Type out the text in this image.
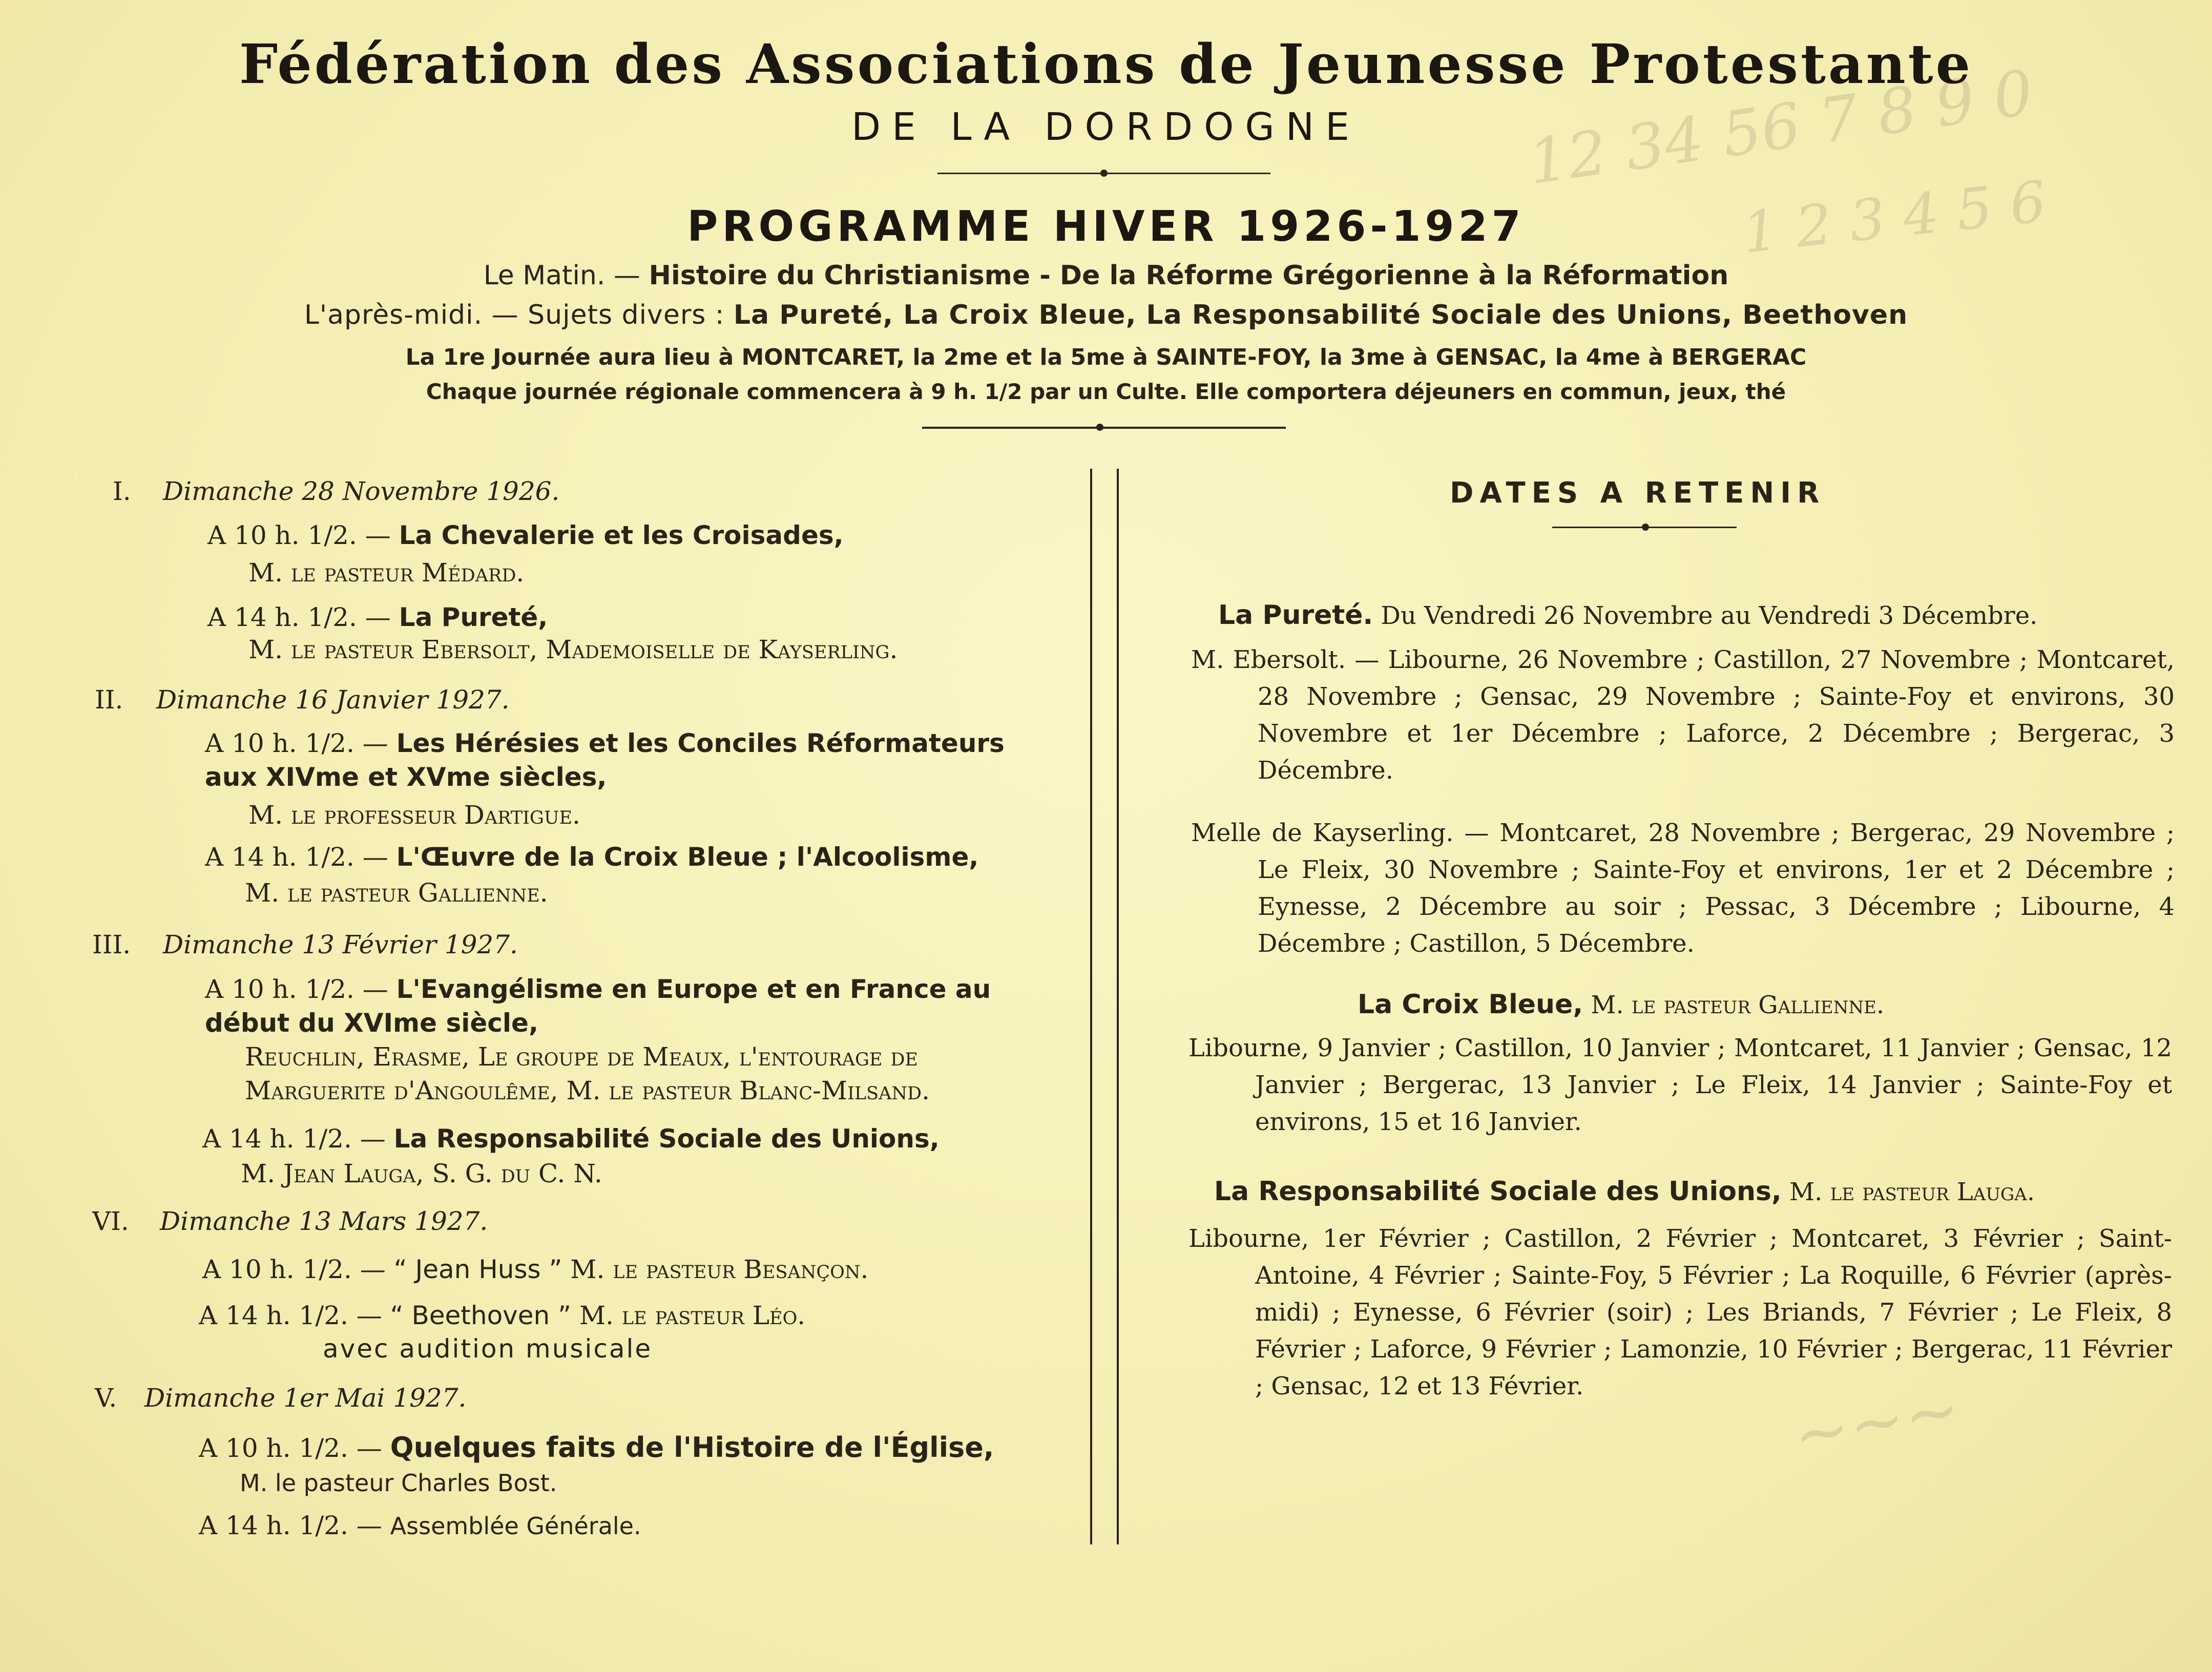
12 34 56 7 8 9 0
1 2 3 4 5 6
∼∼∼
Fédération des Associations de Jeunesse Protestante
DE LA DORDOGNE
PROGRAMME HIVER 1926-1927
Le Matin. — Histoire du Christianisme - De la Réforme Grégorienne à la Réformation
L'après-midi. — Sujets divers : La Pureté, La Croix Bleue, La Responsabilité Sociale des Unions, Beethoven
La 1re Journée aura lieu à MONTCARET, la 2me et la 5me à SAINTE-FOY, la 3me à GENSAC, la 4me à BERGERAC
Chaque journée régionale commencera à 9 h. 1/2 par un Culte. Elle comportera déjeuners en commun, jeux, thé
I. Dimanche 28 Novembre 1926.
A 10 h. 1/2. — La Chevalerie et les Croisades,
M. le pasteur Médard.
A 14 h. 1/2. — La Pureté,
M. le pasteur Ebersolt, Mademoiselle de Kayserling.
II. Dimanche 16 Janvier 1927.
A 10 h. 1/2. — Les Hérésies et les Conciles Réformateurs aux XIVme et XVme siècles,
M. le professeur Dartigue.
A 14 h. 1/2. — L'Œuvre de la Croix Bleue ; l'Alcoolisme,
M. le pasteur Gallienne.
III. Dimanche 13 Février 1927.
A 10 h. 1/2. — L'Evangélisme en Europe et en France au début du XVIme siècle,
Reuchlin, Erasme, Le groupe de Meaux, l'entourage de Marguerite d'Angoulême, M. le pasteur Blanc-Milsand.
A 14 h. 1/2. — La Responsabilité Sociale des Unions,
M. Jean Lauga, S. G. du C. N.
VI. Dimanche 13 Mars 1927.
A 10 h. 1/2. — “ Jean Huss ” M. le pasteur Besançon.
A 14 h. 1/2. — “ Beethoven ” M. le pasteur Léo.
avec audition musicale
V. Dimanche 1er Mai 1927.
A 10 h. 1/2. — Quelques faits de l'Histoire de l'Église,
M. le pasteur Charles Bost.
A 14 h. 1/2. — Assemblée Générale.
DATES A RETENIR
La Pureté. Du Vendredi 26 Novembre au Vendredi 3 Décembre.
M. Ebersolt. — Libourne, 26 Novembre ; Castillon, 27 Novembre ; Montcaret, 28 Novembre ; Gensac, 29 Novembre ; Sainte-Foy et environs, 30 Novembre et 1er Décembre ; Laforce, 2 Décembre ; Bergerac, 3 Décembre.
Melle de Kayserling. — Montcaret, 28 Novembre ; Bergerac, 29 Novembre ; Le Fleix, 30 Novembre ; Sainte-Foy et environs, 1er et 2 Décembre ; Eynesse, 2 Décembre au soir ; Pessac, 3 Décembre ; Libourne, 4 Décembre ; Castillon, 5 Décembre.
La Croix Bleue, M. le pasteur Gallienne.
Libourne, 9 Janvier ; Castillon, 10 Janvier ; Montcaret, 11 Janvier ; Gensac, 12 Janvier ; Bergerac, 13 Janvier ; Le Fleix, 14 Janvier ; Sainte-Foy et environs, 15 et 16 Janvier.
La Responsabilité Sociale des Unions, M. le pasteur Lauga.
Libourne, 1er Février ; Castillon, 2 Février ; Montcaret, 3 Février ; Saint-Antoine, 4 Février ; Sainte-Foy, 5 Février ; La Roquille, 6 Février (après-midi) ; Eynesse, 6 Février (soir) ; Les Briands, 7 Février ; Le Fleix, 8 Février ; Laforce, 9 Février ; Lamonzie, 10 Février ; Bergerac, 11 Février ; Gensac, 12 et 13 Février.
